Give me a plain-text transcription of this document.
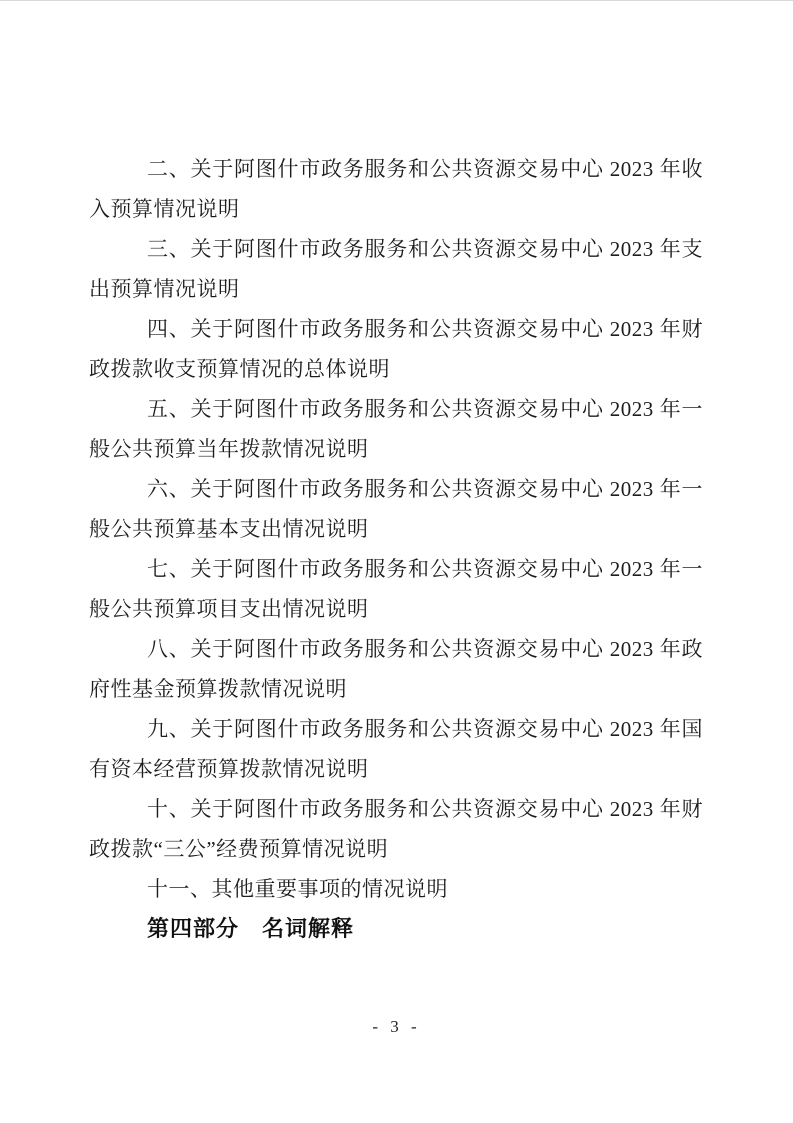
二、关于阿图什市政务服务和公共资源交易中心 2023 年收入预算情况说明

三、关于阿图什市政务服务和公共资源交易中心 2023 年支出预算情况说明

四、关于阿图什市政务服务和公共资源交易中心 2023 年财政拨款收支预算情况的总体说明

五、关于阿图什市政务服务和公共资源交易中心 2023 年一般公共预算当年拨款情况说明

六、关于阿图什市政务服务和公共资源交易中心 2023 年一般公共预算基本支出情况说明

七、关于阿图什市政务服务和公共资源交易中心 2023 年一般公共预算项目支出情况说明

八、关于阿图什市政务服务和公共资源交易中心 2023 年政府性基金预算拨款情况说明

九、关于阿图什市政务服务和公共资源交易中心 2023 年国有资本经营预算拨款情况说明

十、关于阿图什市政务服务和公共资源交易中心 2023 年财政拨款“三公”经费预算情况说明

十一、其他重要事项的情况说明

第四部分　名词解释
- 3 -
